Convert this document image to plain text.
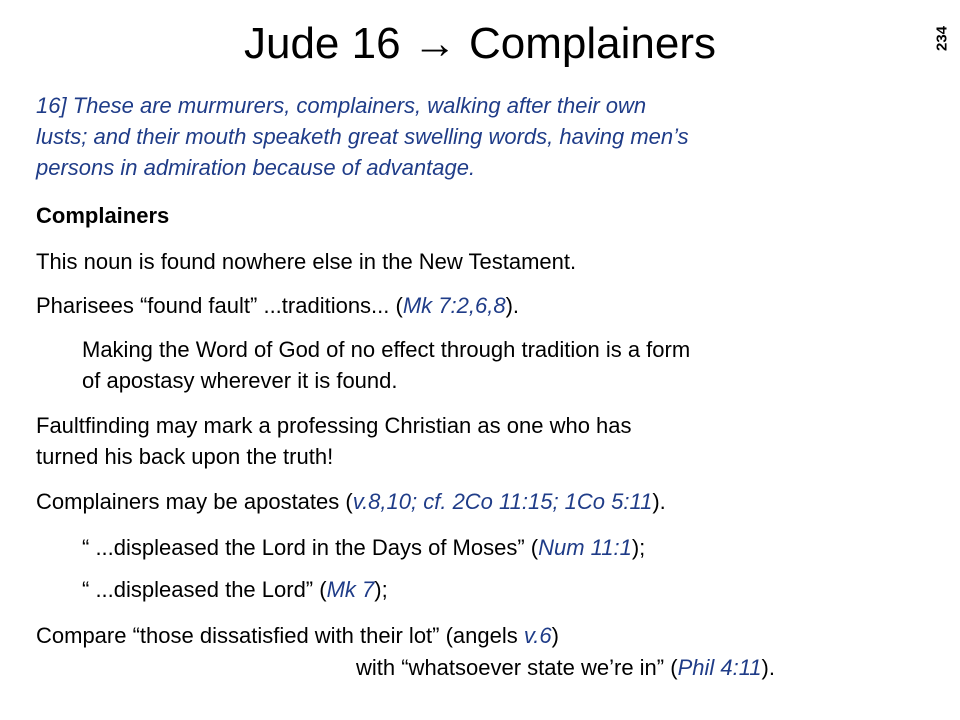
Jude 16 → Complainers	234
16] These are murmurers, complainers, walking after their own
lusts; and their mouth speaketh great swelling words, having men’s
persons in admiration because of advantage.
Complainers
This noun is found nowhere else in the New Testament.
Pharisees “found fault” ...traditions... (Mk 7:2,6,8).
Making the Word of God of no effect through tradition is a form
of apostasy wherever it is found.
Faultfinding may mark a professing Christian as one who has
turned his back upon the truth!
Complainers may be apostates (v.8,10; cf. 2Co 11:15; 1Co 5:11).
“ ...displeased the Lord in the Days of Moses” (Num 11:1);
“ ...displeased the Lord” (Mk 7);
Compare “those dissatisfied with their lot” (angels v.6)
with “whatsoever state we’re in” (Phil 4:11).
